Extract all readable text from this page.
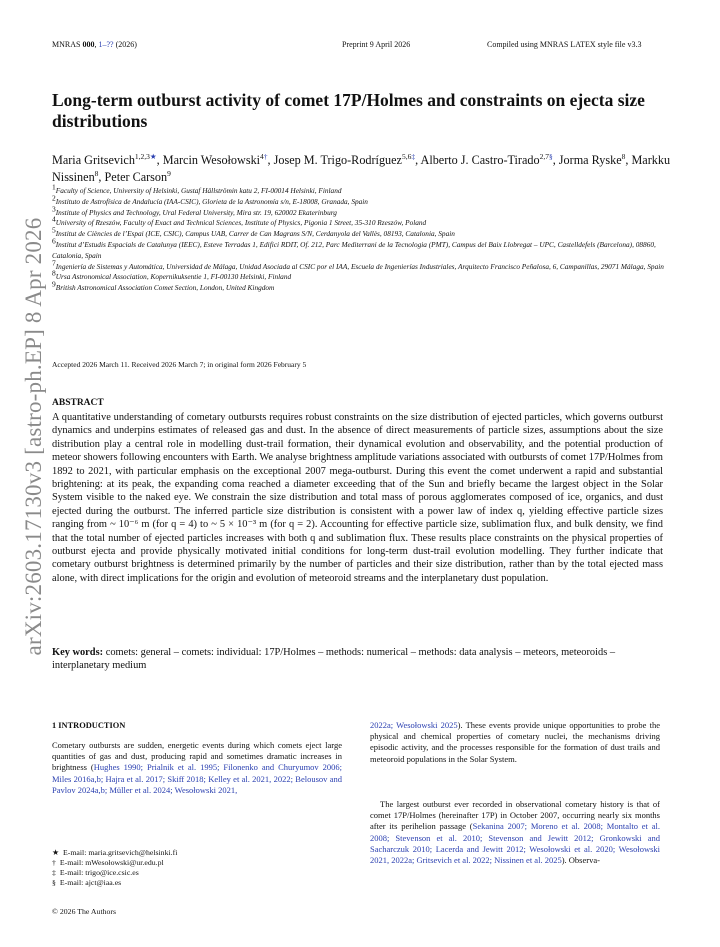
MNRAS 000, 1–?? (2026)	Preprint 9 April 2026	Compiled using MNRAS LATEX style file v3.3
arXiv:2603.17130v3 [astro-ph.EP] 8 Apr 2026
Long-term outburst activity of comet 17P/Holmes and constraints on ejecta size distributions
Maria Gritsevich$^{1,2,3★}$, Marcin Wesołowski$^{4\dagger}$, Josep M. Trigo-Rodríguez$^{5,6\ddagger}$, Alberto J. Castro-Tirado$^{2,7\S}$, Jorma Ryske$^8$, Markku Nissinen$^8$, Peter Carson$^9$
$^1$Faculty of Science, University of Helsinki, Gustaf Hällströmin katu 2, FI-00014 Helsinki, Finland
$^2$Instituto de Astrofísica de Andalucía (IAA-CSIC), Glorieta de la Astronomía s/n, E-18008, Granada, Spain
$^3$Institute of Physics and Technology, Ural Federal University, Mira str. 19, 620002 Ekaterinburg
$^4$University of Rzeszów, Faculty of Exact and Technical Sciences, Institute of Physics, Pigonia 1 Street, 35-310 Rzeszów, Poland
$^5$Institut de Ciències de l’Espai (ICE, CSIC), Campus UAB, Carrer de Can Magrans S/N, Cerdanyola del Vallès, 08193, Catalonia, Spain
$^6$Institut d’Estudis Espacials de Catalunya (IEEC), Esteve Terradas 1, Edifici RDIT, Of. 212, Parc Mediterrani de la Tecnologia (PMT), Campus del Baix Llobregat – UPC, Castelldefels (Barcelona), 08860, Catalonia, Spain
$^7$Ingeniería de Sistemas y Automática, Universidad de Málaga, Unidad Asociada al CSIC por el IAA, Escuela de Ingenierías Industriales, Arquitecto Francisco Peñalosa, 6, Campanillas, 29071 Málaga, Spain
$^8$Ursa Astronomical Association, Kopernikuksentie 1, FI-00130 Helsinki, Finland
$^9$British Astronomical Association Comet Section, London, United Kingdom
Accepted 2026 March 11. Received 2026 March 7; in original form 2026 February 5
ABSTRACT
A quantitative understanding of cometary outbursts requires robust constraints on the size distribution of ejected particles, which governs outburst dynamics and underpins estimates of released gas and dust. In the absence of direct measurements of particle sizes, assumptions about the size distribution play a central role in modelling dust-trail formation, their dynamical evolution and observability, and the potential production of meteor showers following encounters with Earth. We analyse brightness amplitude variations associated with outbursts of comet 17P/Holmes from 1892 to 2021, with particular emphasis on the exceptional 2007 mega-outburst. During this event the comet underwent a rapid and substantial brightening: at its peak, the expanding coma reached a diameter exceeding that of the Sun and briefly became the largest object in the Solar System visible to the naked eye. We constrain the size distribution and total mass of porous agglomerates composed of ice, organics, and dust ejected during the outburst. The inferred particle size distribution is consistent with a power law of index q, yielding effective particle sizes ranging from ~ 10⁻⁶ m (for q = 4) to ~ 5 × 10⁻³ m (for q = 2). Accounting for effective particle size, sublimation flux, and bulk density, we find that the total number of ejected particles increases with both q and sublimation flux. These results place constraints on the physical properties of outburst ejecta and provide physically motivated initial conditions for long-term dust-trail evolution modelling. They further indicate that cometary outburst brightness is determined primarily by the number of particles and their size distribution, rather than by the total ejected mass alone, with direct implications for the origin and evolution of meteoroid streams and the interplanetary dust population.
Key words: comets: general – comets: individual: 17P/Holmes – methods: numerical – methods: data analysis – meteors, meteoroids – interplanetary medium
1 INTRODUCTION
Cometary outbursts are sudden, energetic events during which comets eject large quantities of gas and dust, producing rapid and sometimes dramatic increases in brightness (Hughes 1990; Prialnik et al. 1995; Filonenko and Churyumov 2006; Miles 2016a,b; Hajra et al. 2017; Skiff 2018; Kelley et al. 2021, 2022; Belousov and Pavlov 2024a,b; Müller et al. 2024; Wesołowski 2021,
2022a; Wesołowski 2025). These events provide unique opportunities to probe the physical and chemical properties of cometary nuclei, the mechanisms driving episodic activity, and the processes responsible for the formation of dust trails and meteoroid populations in the Solar System.
The largest outburst ever recorded in observational cometary history is that of comet 17P/Holmes (hereinafter 17P) in October 2007, occurring nearly six months after its perihelion passage (Sekanina 2007; Moreno et al. 2008; Montalto et al. 2008; Stevenson et al. 2010; Stevenson and Jewitt 2012; Gronkowski and Sacharczuk 2010; Lacerda and Jewitt 2012; Wesołowski et al. 2020; Wesołowski 2021, 2022a; Gritsevich et al. 2022; Nissinen et al. 2025). Observa-
★ E-mail: maria.gritsevich@helsinki.fi
† E-mail: mWesołowski@ur.edu.pl
‡ E-mail: trigo@ice.csic.es
§ E-mail: ajct@iaa.es
© 2026 The Authors
